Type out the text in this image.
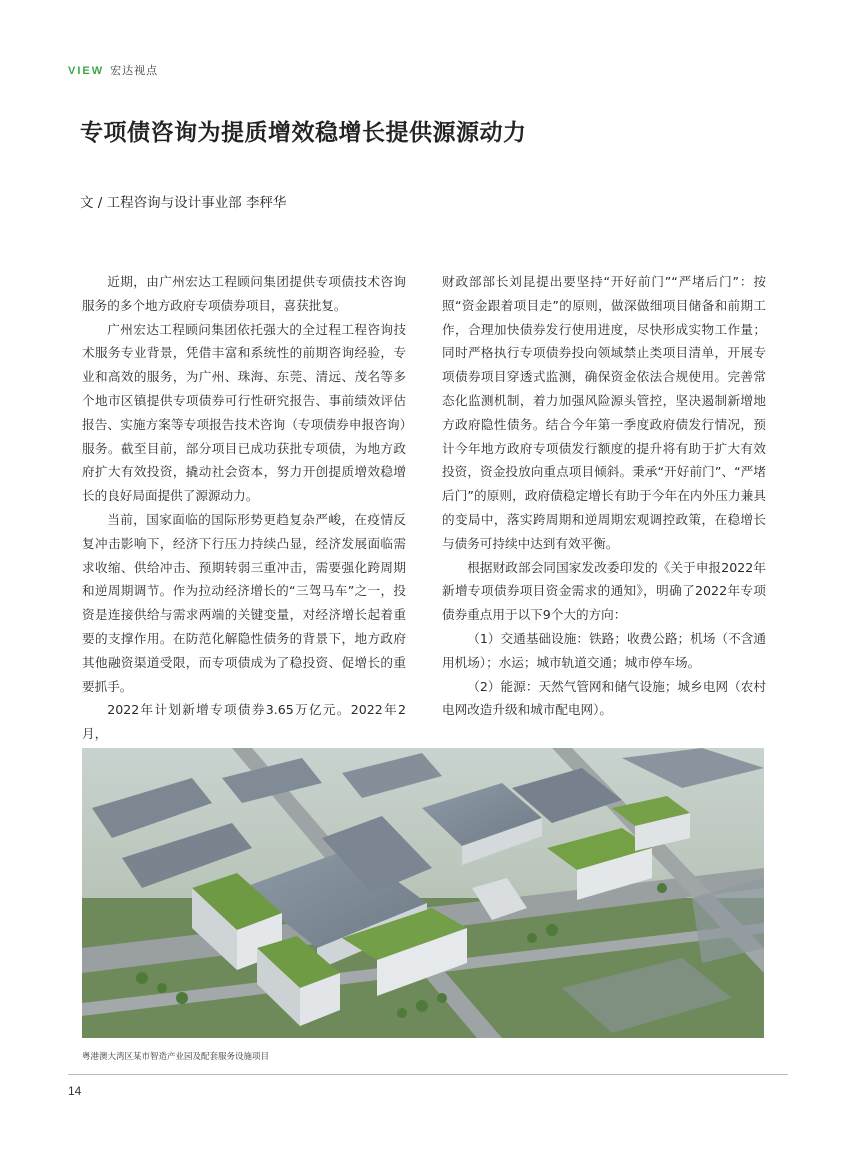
VIEW 宏达视点
专项债咨询为提质增效稳增长提供源源动力
文 / 工程咨询与设计事业部 李秤华

近期，由广州宏达工程顾问集团提供专项债技术咨询服务的多个地方政府专项债券项目，喜获批复。

广州宏达工程顾问集团依托强大的全过程工程咨询技术服务专业背景，凭借丰富和系统性的前期咨询经验，专业和高效的服务，为广州、珠海、东莞、清远、茂名等多个地市区镇提供专项债券可行性研究报告、事前绩效评估报告、实施方案等专项报告技术咨询（专项债券申报咨询）服务。截至目前，部分项目已成功获批专项债，为地方政府扩大有效投资，撬动社会资本，努力开创提质增效稳增长的良好局面提供了源源动力。

当前，国家面临的国际形势更趋复杂严峻，在疫情反复冲击影响下，经济下行压力持续凸显，经济发展面临需求收缩、供给冲击、预期转弱三重冲击，需要强化跨周期和逆周期调节。作为拉动经济增长的“三驾马车”之一，投资是连接供给与需求两端的关键变量，对经济增长起着重要的支撑作用。在防范化解隐性债务的背景下，地方政府其他融资渠道受限，而专项债成为了稳投资、促增长的重要抓手。

2022年计划新增专项债券3.65万亿元。2022年2月，

财政部部长刘昆提出要坚持“开好前门”“严堵后门”：按照“资金跟着项目走”的原则，做深做细项目储备和前期工作，合理加快债券发行使用进度，尽快形成实物工作量；同时严格执行专项债券投向领域禁止类项目清单，开展专项债券项目穿透式监测，确保资金依法合规使用。完善常态化监测机制，着力加强风险源头管控，坚决遏制新增地方政府隐性债务。结合今年第一季度政府债发行情况，预计今年地方政府专项债发行额度的提升将有助于扩大有效投资，资金投放向重点项目倾斜。秉承“开好前门”、“严堵后门”的原则，政府债稳定增长有助于今年在内外压力兼具的变局中，落实跨周期和逆周期宏观调控政策，在稳增长与债务可持续中达到有效平衡。

根据财政部会同国家发改委印发的《关于申报2022年新增专项债券项目资金需求的通知》，明确了2022年专项债券重点用于以下9个大的方向：

（1）交通基础设施：铁路；收费公路；机场（不含通用机场）；水运；城市轨道交通；城市停车场。

（2）能源：天然气管网和储气设施；城乡电网（农村电网改造升级和城市配电网）。

粤港澳大湾区某市智造产业园及配套服务设施项目
14
